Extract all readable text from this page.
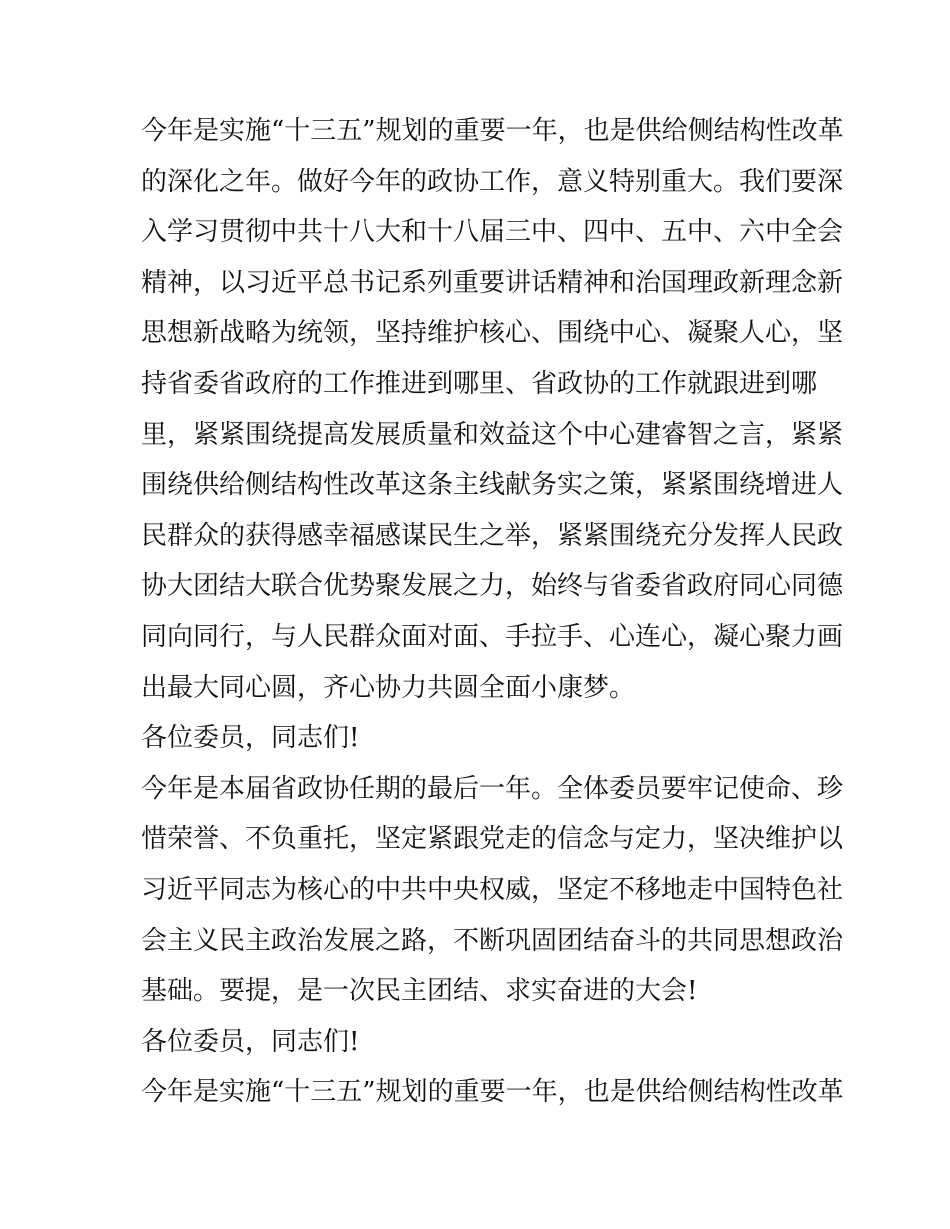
今年是实施“十三五”规划的重要一年，也是供给侧结构性改革
的深化之年。做好今年的政协工作，意义特别重大。我们要深
入学习贯彻中共十八大和十八届三中、四中、五中、六中全会
精神，以习近平总书记系列重要讲话精神和治国理政新理念新
思想新战略为统领，坚持维护核心、围绕中心、凝聚人心，坚
持省委省政府的工作推进到哪里、省政协的工作就跟进到哪
里，紧紧围绕提高发展质量和效益这个中心建睿智之言，紧紧
围绕供给侧结构性改革这条主线献务实之策，紧紧围绕增进人
民群众的获得感幸福感谋民生之举，紧紧围绕充分发挥人民政
协大团结大联合优势聚发展之力，始终与省委省政府同心同德
同向同行，与人民群众面对面、手拉手、心连心，凝心聚力画
出最大同心圆，齐心协力共圆全面小康梦。
各位委员，同志们!
今年是本届省政协任期的最后一年。全体委员要牢记使命、珍
惜荣誉、不负重托，坚定紧跟党走的信念与定力，坚决维护以
习近平同志为核心的中共中央权威，坚定不移地走中国特色社
会主义民主政治发展之路，不断巩固团结奋斗的共同思想政治
基础。要提，是一次民主团结、求实奋进的大会!
各位委员，同志们!
今年是实施“十三五”规划的重要一年，也是供给侧结构性改革
